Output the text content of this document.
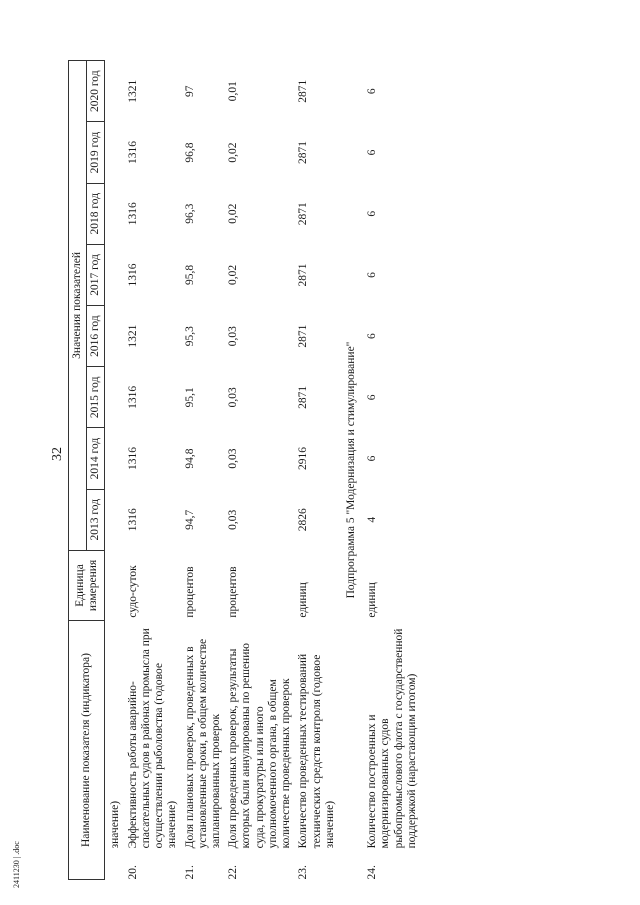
32
2411230 | .doc
Наименование показателя (индикатора)		Единица измерения	Значения показателей							
			2013 год	2014 год	2015 год	2016 год	2017 год	2018 год	2019 год	2020 год
	значение)									
20.	Эффективность работы аварийно-спасательных судов в районах промысла при осуществлении рыболовства (годовое значение)	судо-суток	1316	1316	1316	1321	1316	1316	1316	1321
21.	Доля плановых проверок, проведенных в установленные сроки, в общем количестве запланированных проверок	процентов	94,7	94,8	95,1	95,3	95,8	96,3	96,8	97
22.	Доля проведенных проверок, результаты которых были аннулированы по решению суда, прокуратуры или иного уполномоченного органа, в общем количестве проведенных проверок	процентов	0,03	0,03	0,03	0,03	0,02	0,02	0,02	0,01
23.	Количество проведенных тестирований технических средств контроля (годовое значение)	единиц	2826	2916	2871	2871	2871	2871	2871	2871
Подпрограмма 5 "Модернизация и стимулирование"										
24.	Количество построенных и модернизированных судов рыбопромыслового флота с государственной поддержкой (нарастающим итогом)	единиц	4	6	6	6	6	6	6	6
